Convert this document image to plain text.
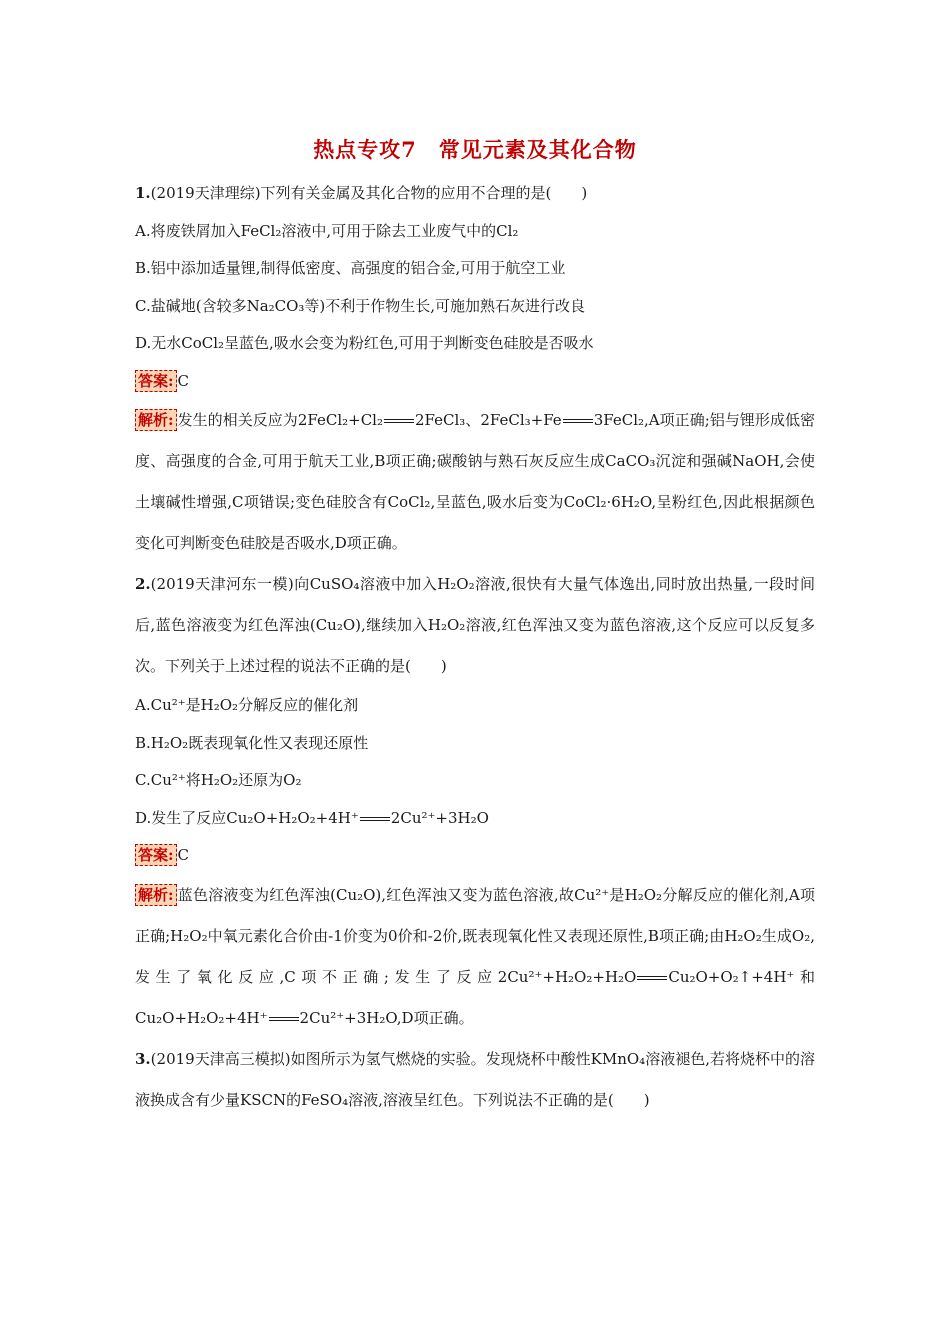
热点专攻7　常见元素及其化合物

1.(2019天津理综)下列有关金属及其化合物的应用不合理的是(　　)

A.将废铁屑加入FeCl₂溶液中,可用于除去工业废气中的Cl₂

B.铝中添加适量锂,制得低密度、高强度的铝合金,可用于航空工业

C.盐碱地(含较多Na₂CO₃等)不利于作物生长,可施加熟石灰进行改良

D.无水CoCl₂呈蓝色,吸水会变为粉红色,可用于判断变色硅胶是否吸水

答案: C

解析: 发生的相关反应为2FeCl₂+Cl₂ 2FeCl₃、2FeCl₃+Fe 3FeCl₂,A项正确;铝与锂形成低密度、高强度的合金,可用于航天工业,B项正确;碳酸钠与熟石灰反应生成CaCO₃沉淀和强碱NaOH,会使土壤碱性增强,C项错误;变色硅胶含有CoCl₂,呈蓝色,吸水后变为CoCl₂·6H₂O,呈粉红色,因此根据颜色变化可判断变色硅胶是否吸水,D项正确。

2.(2019天津河东一模)向CuSO₄溶液中加入H₂O₂溶液,很快有大量气体逸出,同时放出热量,一段时间后,蓝色溶液变为红色浑浊(Cu₂O),继续加入H₂O₂溶液,红色浑浊又变为蓝色溶液,这个反应可以反复多次。下列关于上述过程的说法不正确的是(　　)

A.Cu²⁺是H₂O₂分解反应的催化剂

B.H₂O₂既表现氧化性又表现还原性

C.Cu²⁺将H₂O₂还原为O₂

D.发生了反应Cu₂O+H₂O₂+4H⁺ 2Cu²⁺+3H₂O

答案: C

解析: 蓝色溶液变为红色浑浊(Cu₂O),红色浑浊又变为蓝色溶液,故Cu²⁺是H₂O₂分解反应的催化剂,A项正确;H₂O₂中氧元素化合价由-1价变为0价和-2价,既表现氧化性又表现还原性,B项正确;由H₂O₂生成O₂,发生了氧化反应,C项不正确;发生了反应2Cu²⁺+H₂O₂+H₂O Cu₂O+O₂↑+4H⁺和Cu₂O+H₂O₂+4H⁺ 2Cu²⁺+3H₂O,D项正确。

3.(2019天津高三模拟)如图所示为氢气燃烧的实验。发现烧杯中酸性KMnO₄溶液褪色,若将烧杯中的溶液换成含有少量KSCN的FeSO₄溶液,溶液呈红色。下列说法不正确的是(　　)
